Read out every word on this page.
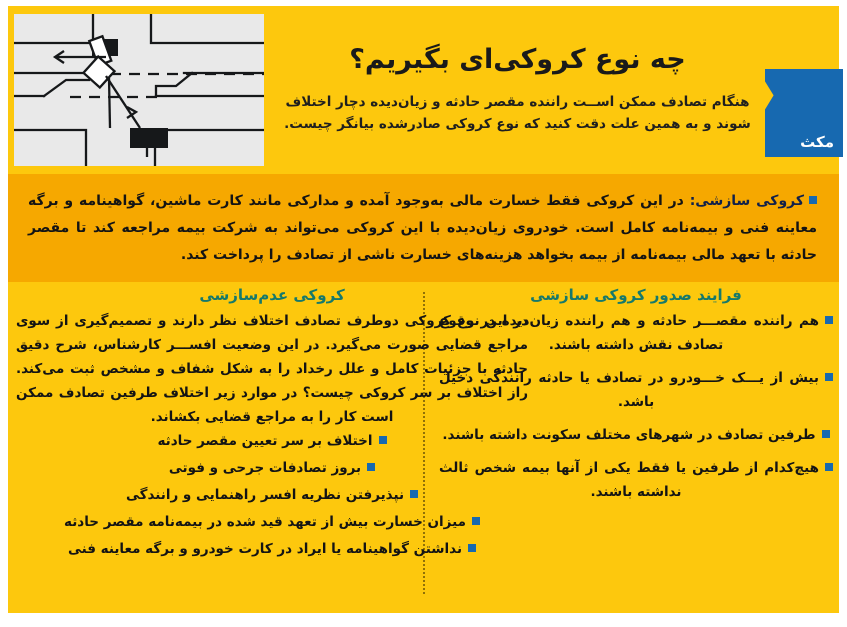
چه نوع کروکی‌ای بگیریم؟

هنگام تصادف ممکن اســت راننده مقصر حادثه و زیان‌دیده دچار اختلاف شوند و به همین علت دقت کنید که نوع کروکی صادرشده بیانگر چیست.

مکث

کروکی سازشی: در این کروکی فقط خسارت مالی به‌وجود آمده و مدارکی مانند کارت ماشین، گواهینامه و برگه معاینه فنی و بیمه‌نامه کامل است. خودروی زیان‌دیده با این کروکی می‌تواند به شرکت بیمه مراجعه کند تا مقصر حادثه با تعهد مالی بیمه‌نامه از بیمه بخواهد هزینه‌های خسارت ناشی از تصادف را پرداخت کند.

فرایند صدور کروکی سازشی
هم راننده مقصـــر حادثه و هم راننده زیان‌دیده در وقوع تصادف نقش داشته باشند.
بیش از یـــک خـــودرو در تصادف یا حادثه رانندگی دخیل باشد.
طرفین تصادف در شهرهای مختلف سکونت داشته باشند.
هیچ‌کدام از طرفین یا فقط یکی از آنها بیمه شخص ثالث نداشته باشند.
کروکی عدم‌سازشی

در این نوع کروکی دوطرف تصادف اختلاف نظر دارند و تصمیم‌گیری از سوی مراجع قضایی صورت می‌گیرد. در این وضعیت افســـر کارشناس، شرح دقیق حادثه با جزئیات کامل و علل رخداد را به شکل شفاف و مشخص ثبت می‌کند. راز اختلاف بر سر کروکی چیست؟ در موارد زیر اختلاف طرفین تصادف ممکن است کار را به مراجع قضایی بکشاند.

اختلاف بر سر تعیین مقصر حادثه
بروز تصادفات جرحی و فوتی
نپذیرفتن نظریه افسر راهنمایی و رانندگی
میزان خسارت بیش از تعهد قید شده در بیمه‌نامه مقصر حادثه
نداشتن گواهینامه یا ایراد در کارت خودرو و برگه معاینه فنی
